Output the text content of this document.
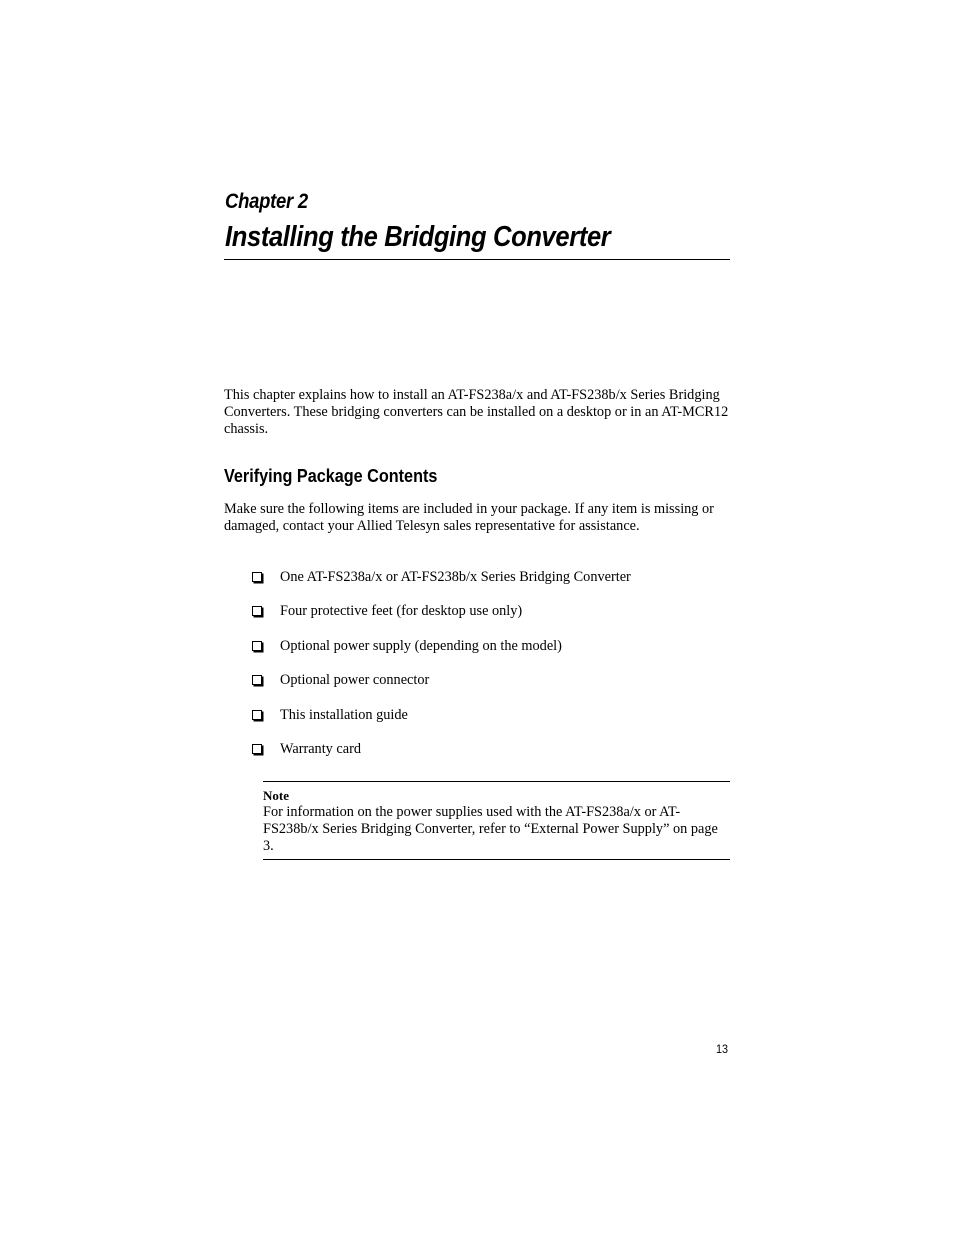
Chapter 2
Installing the Bridging Converter

This chapter explains how to install an AT-FS238a/x and AT-FS238b/x Series Bridging Converters. These bridging converters can be installed on a desktop or in an AT-MCR12 chassis.

Verifying Package Contents

Make sure the following items are included in your package. If any item is missing or damaged, contact your Allied Telesyn sales representative for assistance.

One AT-FS238a/x or AT-FS238b/x Series Bridging Converter
Four protective feet (for desktop use only)
Optional power supply (depending on the model)
Optional power connector
This installation guide
Warranty card
Note
For information on the power supplies used with the AT-FS238a/x or AT-FS238b/x Series Bridging Converter, refer to “External Power Supply” on page 3.
13
